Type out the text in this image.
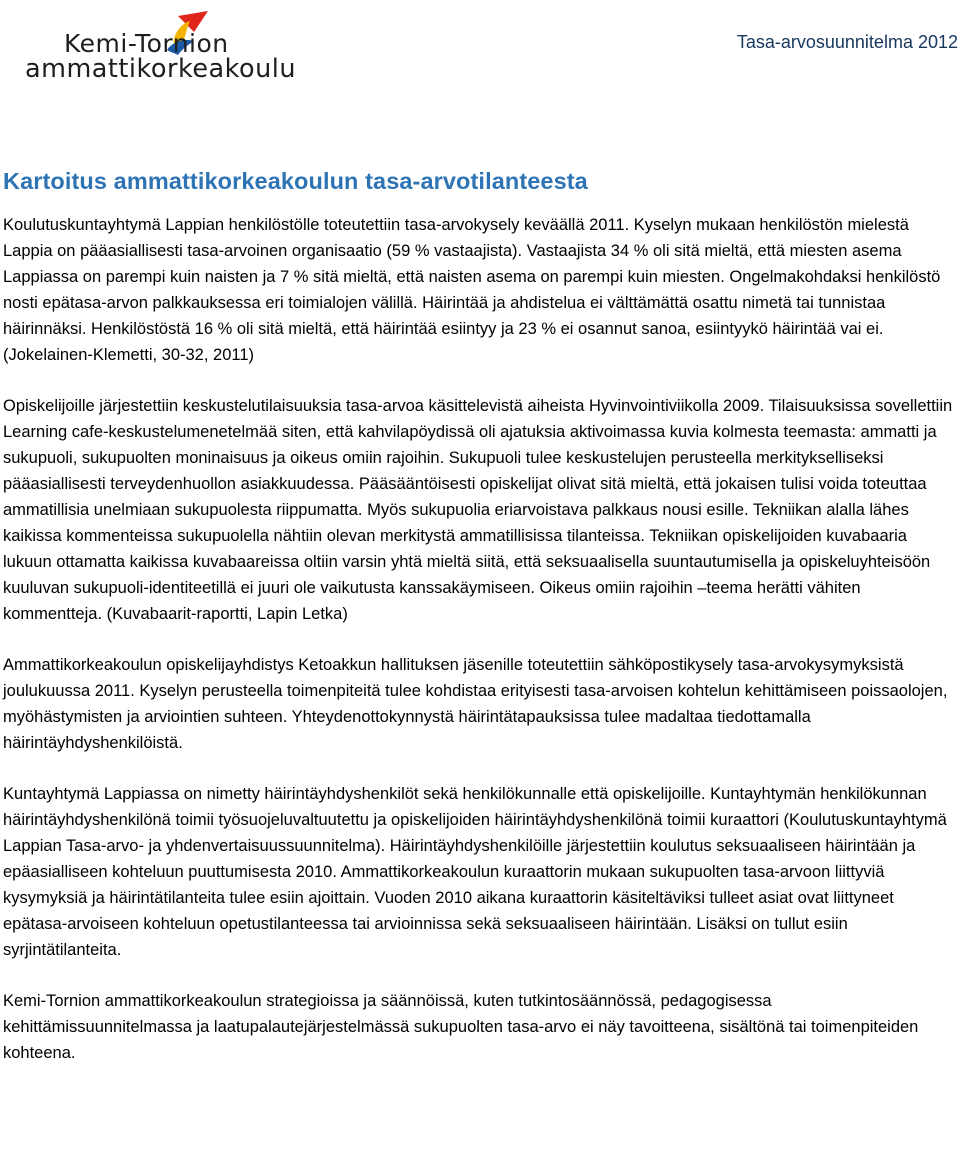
Kemi-Tornion
ammattikorkeakoulu
Tasa-arvosuunnitelma 2012
Kartoitus ammattikorkeakoulun tasa-arvotilanteesta

Koulutuskuntayhtymä Lappian henkilöstölle toteutettiin tasa-arvokysely keväällä 2011. Kyselyn mukaan henkilöstön mielestä Lappia on pääasiallisesti tasa-arvoinen organisaatio (59 % vastaajista). Vastaajista 34 % oli sitä mieltä, että miesten asema Lappiassa on parempi kuin naisten ja 7 % sitä mieltä, että naisten asema on parempi kuin miesten. Ongelmakohdaksi henkilöstö nosti epätasa-arvon palkkauksessa eri toimialojen välillä. Häirintää ja ahdistelua ei välttämättä osattu nimetä tai tunnistaa häirinnäksi. Henkilöstöstä 16 % oli sitä mieltä, että häirintää esiintyy ja 23 % ei osannut sanoa, esiintyykö häirintää vai ei. (Jokelainen-Klemetti, 30-32, 2011)

Opiskelijoille järjestettiin keskustelutilaisuuksia tasa-arvoa käsittelevistä aiheista Hyvinvointiviikolla 2009. Tilaisuuksissa sovellettiin Learning cafe-keskustelumenetelmää siten, että kahvilapöydissä oli ajatuksia aktivoimassa kuvia kolmesta teemasta: ammatti ja sukupuoli, sukupuolten moninaisuus ja oikeus omiin rajoihin. Sukupuoli tulee keskustelujen perusteella merkitykselliseksi pääasiallisesti terveydenhuollon asiakkuudessa. Pääsääntöisesti opiskelijat olivat sitä mieltä, että jokaisen tulisi voida toteuttaa ammatillisia unelmiaan sukupuolesta riippumatta. Myös sukupuolia eriarvoistava palkkaus nousi esille. Tekniikan alalla lähes kaikissa kommenteissa sukupuolella nähtiin olevan merkitystä ammatillisissa tilanteissa. Tekniikan opiskelijoiden kuvabaaria lukuun ottamatta kaikissa kuvabaareissa oltiin varsin yhtä mieltä siitä, että seksuaalisella suuntautumisella ja opiskeluyhteisöön kuuluvan sukupuoli-identiteetillä ei juuri ole vaikutusta kanssakäymiseen. Oikeus omiin rajoihin –teema herätti vähiten kommentteja. (Kuvabaarit-raportti, Lapin Letka)

Ammattikorkeakoulun opiskelijayhdistys Ketoakkun hallituksen jäsenille toteutettiin sähköpostikysely tasa-arvokysymyksistä joulukuussa 2011. Kyselyn perusteella toimenpiteitä tulee kohdistaa erityisesti tasa-arvoisen kohtelun kehittämiseen poissaolojen, myöhästymisten ja arviointien suhteen. Yhteydenottokynnystä häirintätapauksissa tulee madaltaa tiedottamalla häirintäyhdyshenkilöistä.

Kuntayhtymä Lappiassa on nimetty häirintäyhdyshenkilöt sekä henkilökunnalle että opiskelijoille. Kuntayhtymän henkilökunnan häirintäyhdyshenkilönä toimii työsuojeluvaltuutettu ja opiskelijoiden häirintäyhdyshenkilönä toimii kuraattori (Koulutuskuntayhtymä Lappian Tasa-arvo- ja yhdenvertaisuussuunnitelma). Häirintäyhdyshenkilöille järjestettiin koulutus seksuaaliseen häirintään ja epäasialliseen kohteluun puuttumisesta 2010. Ammattikorkeakoulun kuraattorin mukaan sukupuolten tasa-arvoon liittyviä kysymyksiä ja häirintätilanteita tulee esiin ajoittain. Vuoden 2010 aikana kuraattorin käsiteltäviksi tulleet asiat ovat liittyneet epätasa-arvoiseen kohteluun opetustilanteessa tai arvioinnissa sekä seksuaaliseen häirintään. Lisäksi on tullut esiin syrjintätilanteita.

Kemi-Tornion ammattikorkeakoulun strategioissa ja säännöissä, kuten tutkintosäännössä, pedagogisessa kehittämissuunnitelmassa ja laatupalautejärjestelmässä sukupuolten tasa-arvo ei näy tavoitteena, sisältönä tai toimenpiteiden kohteena.
